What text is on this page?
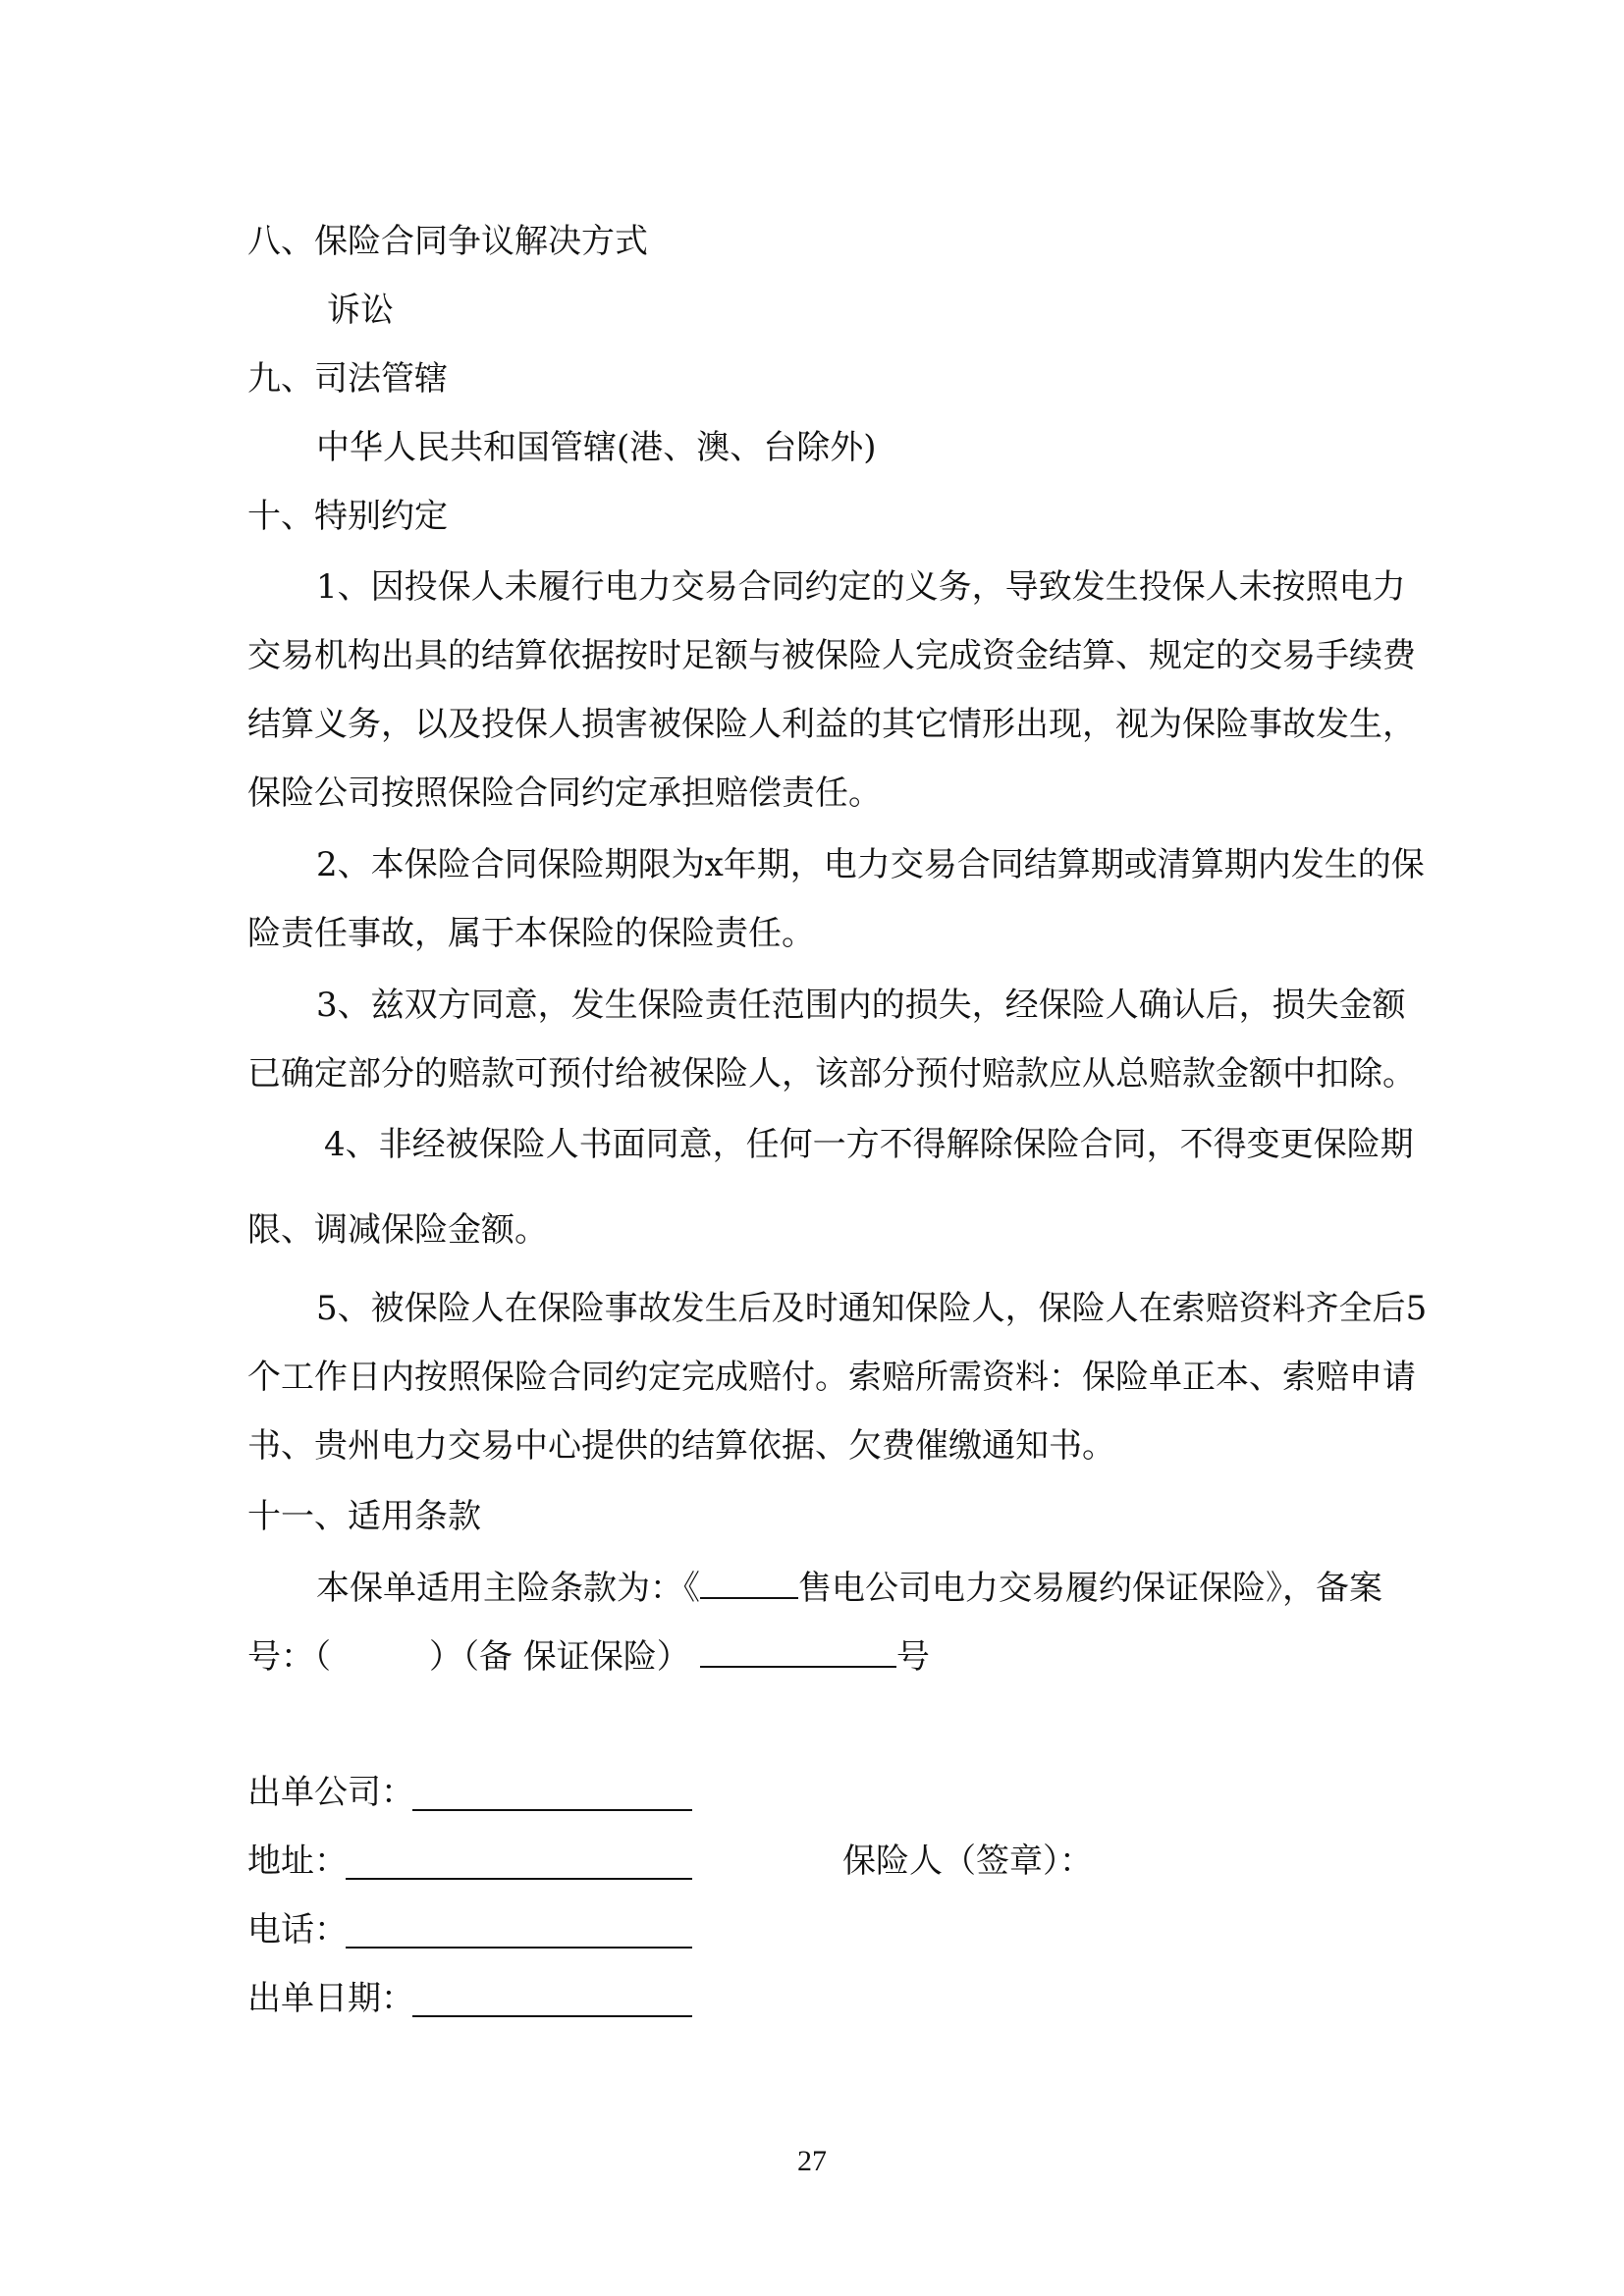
八、保险合同争议解决方式
诉讼
九、司法管辖
中华人民共和国管辖(港、澳、台除外)
十、特别约定
1、因投保人未履行电力交易合同约定的义务，导致发生投保人未按照电力
交易机构出具的结算依据按时足额与被保险人完成资金结算、规定的交易手续费
结算义务，以及投保人损害被保险人利益的其它情形出现，视为保险事故发生，
保险公司按照保险合同约定承担赔偿责任。
2、本保险合同保险期限为x年期，电力交易合同结算期或清算期内发生的保
险责任事故，属于本保险的保险责任。
3、兹双方同意，发生保险责任范围内的损失，经保险人确认后，损失金额
已确定部分的赔款可预付给被保险人，该部分预付赔款应从总赔款金额中扣除。
4、非经被保险人书面同意，任何一方不得解除保险合同，不得变更保险期
限、调减保险金额。
5、被保险人在保险事故发生后及时通知保险人，保险人在索赔资料齐全后5
个工作日内按照保险合同约定完成赔付。索赔所需资料：保险单正本、索赔申请
书、贵州电力交易中心提供的结算依据、欠费催缴通知书。
十一、适用条款
本保单适用主险条款为：《	售电公司电力交易履约保证保险》，备案
号：（	）（备 保证保险）	号
出单公司：
地址：	保险人（签章）：
电话：
出单日期：
27
